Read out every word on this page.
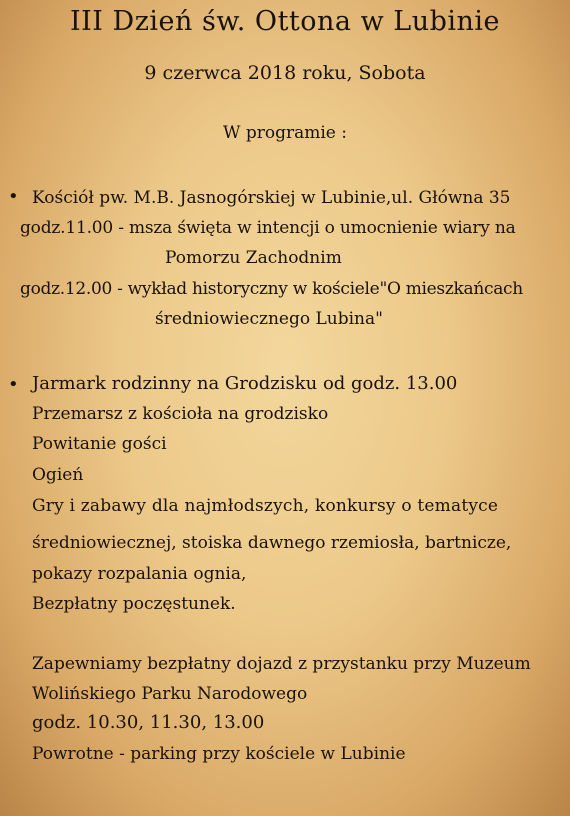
III Dzień św. Ottona w Lubinie
9 czerwca 2018 roku, Sobota
W programie :
• Kościół pw. M.B. Jasnogórskiej w Lubinie,ul. Główna 35
godz.11.00 - msza święta w intencji o umocnienie wiary na
Pomorzu Zachodnim
godz.12.00 - wykład historyczny w kościele"O mieszkańcach
średniowiecznego Lubina"
• Jarmark rodzinny na Grodzisku od godz. 13.00
Przemarsz z kościoła na grodzisko
Powitanie gości
Ogień
Gry i zabawy dla najmłodszych, konkursy o tematyce
średniowiecznej, stoiska dawnego rzemiosła, bartnicze,
pokazy rozpalania ognia,
Bezpłatny poczęstunek.
Zapewniamy bezpłatny dojazd z przystanku przy Muzeum
Wolińskiego Parku Narodowego
godz. 10.30, 11.30, 13.00
Powrotne - parking przy kościele w Lubinie
